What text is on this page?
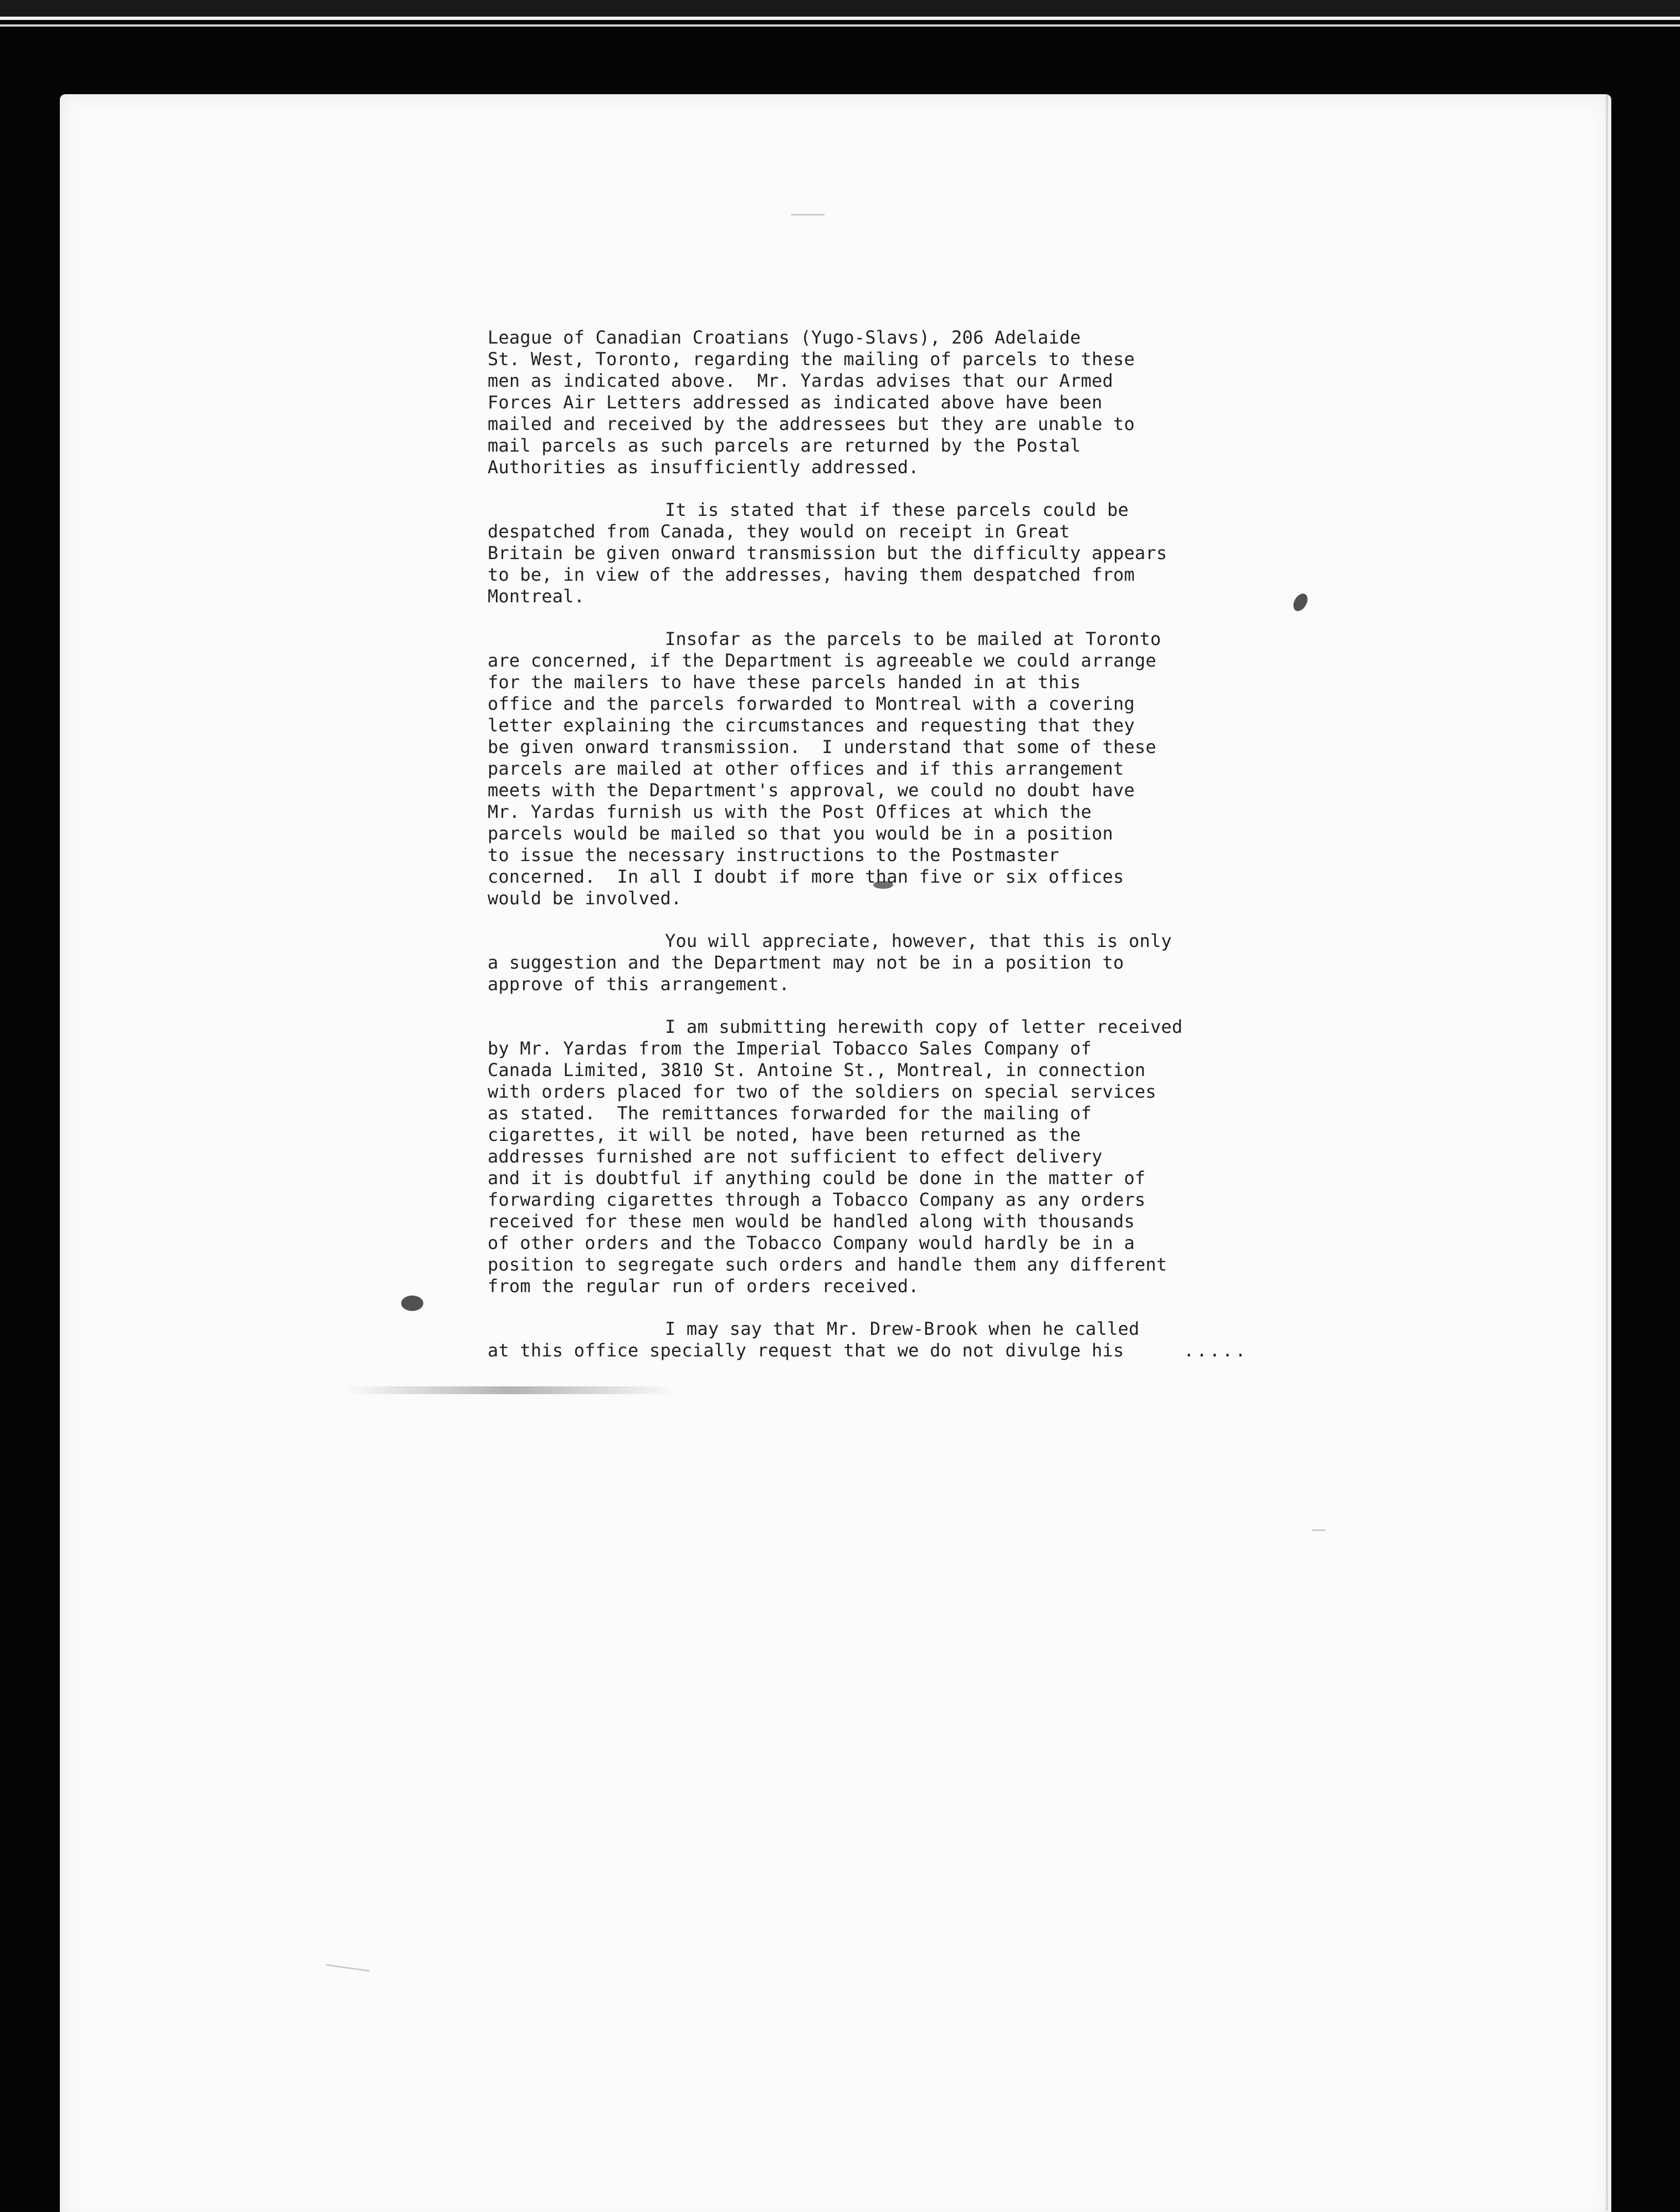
League of Canadian Croatians (Yugo-Slavs), 206 Adelaide
St. West, Toronto, regarding the mailing of parcels to these
men as indicated above.  Mr. Yardas advises that our Armed
Forces Air Letters addressed as indicated above have been
mailed and received by the addressees but they are unable to
mail parcels as such parcels are returned by the Postal
Authorities as insufficiently addressed.
It is stated that if these parcels could be
despatched from Canada, they would on receipt in Great
Britain be given onward transmission but the difficulty appears
to be, in view of the addresses, having them despatched from
Montreal.
Insofar as the parcels to be mailed at Toronto
are concerned, if the Department is agreeable we could arrange
for the mailers to have these parcels handed in at this
office and the parcels forwarded to Montreal with a covering
letter explaining the circumstances and requesting that they
be given onward transmission.  I understand that some of these
parcels are mailed at other offices and if this arrangement
meets with the Department's approval, we could no doubt have
Mr. Yardas furnish us with the Post Offices at which the
parcels would be mailed so that you would be in a position
to issue the necessary instructions to the Postmaster
concerned.  In all I doubt if more than five or six offices
would be involved.
You will appreciate, however, that this is only
a suggestion and the Department may not be in a position to
approve of this arrangement.
I am submitting herewith copy of letter received
by Mr. Yardas from the Imperial Tobacco Sales Company of
Canada Limited, 3810 St. Antoine St., Montreal, in connection
with orders placed for two of the soldiers on special services
as stated.  The remittances forwarded for the mailing of
cigarettes, it will be noted, have been returned as the
addresses furnished are not sufficient to effect delivery
and it is doubtful if anything could be done in the matter of
forwarding cigarettes through a Tobacco Company as any orders
received for these men would be handled along with thousands
of other orders and the Tobacco Company would hardly be in a
position to segregate such orders and handle them any different
from the regular run of orders received.
I may say that Mr. Drew-Brook when he called
at this office specially request that we do not divulge his	.....
